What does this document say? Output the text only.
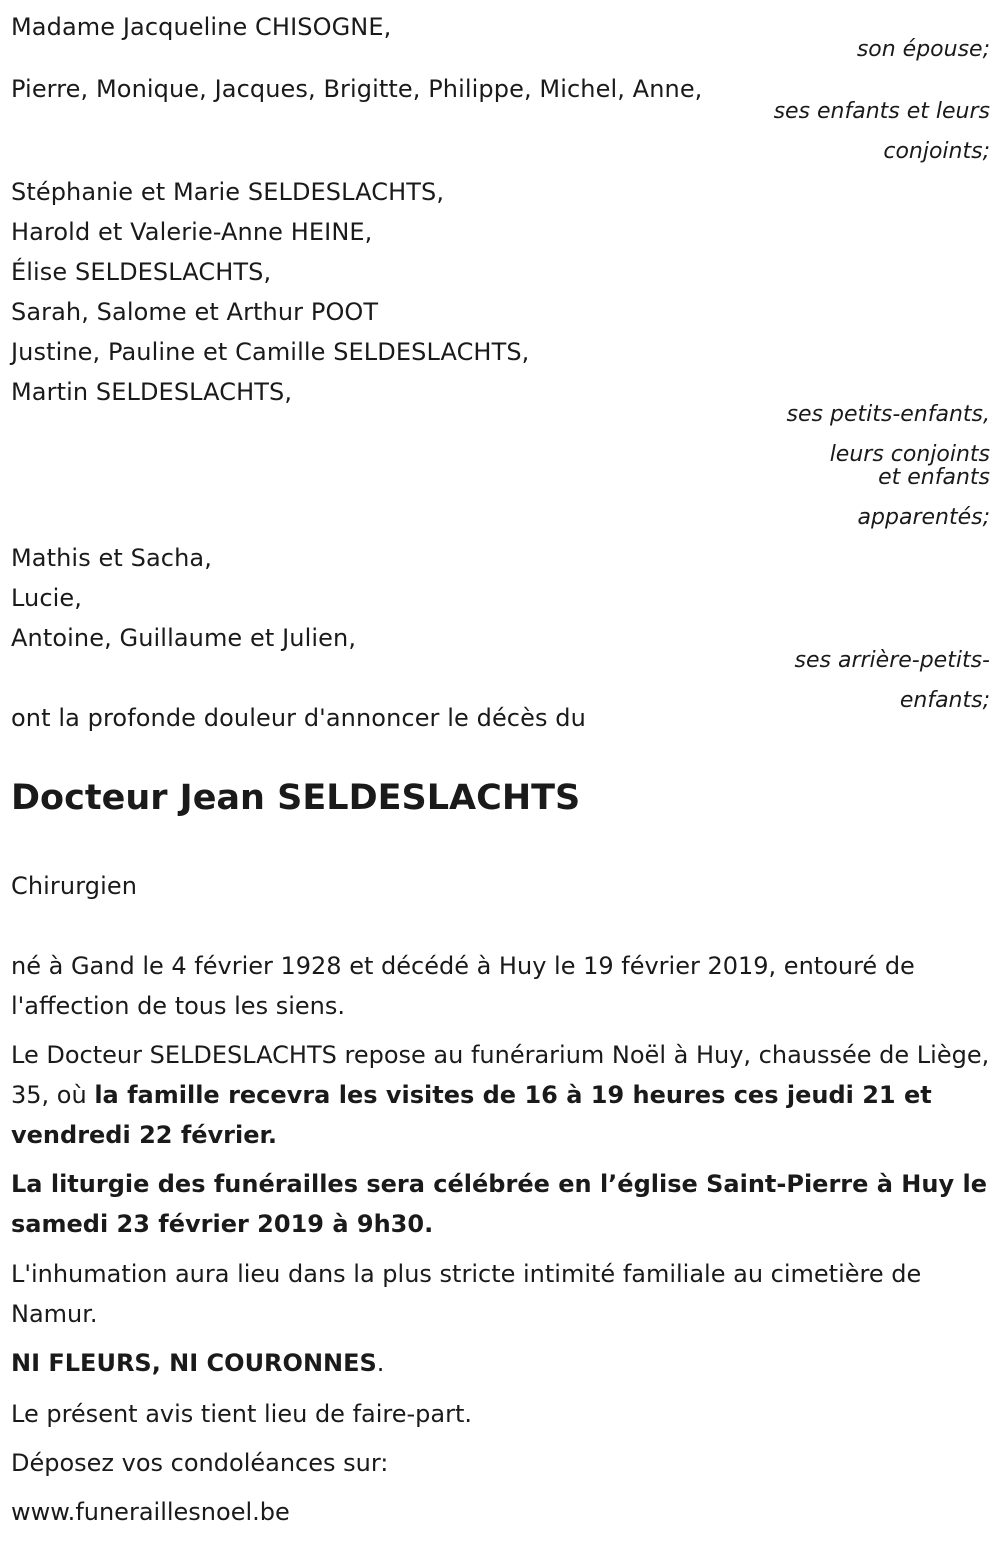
Madame Jacqueline CHISOGNE,
son épouse;
Pierre, Monique, Jacques, Brigitte, Philippe, Michel, Anne,
ses enfants et leurs
conjoints;
Stéphanie et Marie SELDESLACHTS,
Harold et Valerie-Anne HEINE,
Élise SELDESLACHTS,
Sarah, Salome et Arthur POOT
Justine, Pauline et Camille SELDESLACHTS,
Martin SELDESLACHTS,
ses petits-enfants,
leurs conjoints
et enfants
apparentés;
Mathis et Sacha,
Lucie,
Antoine, Guillaume et Julien,
ses arrière-petits-
enfants;
ont la profonde douleur d'annoncer le décès du
Docteur Jean SELDESLACHTS
Chirurgien
né à Gand le 4 février 1928 et décédé à Huy le 19 février 2019, entouré de l'affection de tous les siens.
Le Docteur SELDESLACHTS repose au funérarium Noël à Huy, chaussée de Liège, 35, où la famille recevra les visites de 16 à 19 heures ces jeudi 21 et vendredi 22 février.
La liturgie des funérailles sera célébrée en l’église Saint-Pierre à Huy le samedi 23 février 2019 à 9h30.
L'inhumation aura lieu dans la plus stricte intimité familiale au cimetière de Namur.
NI FLEURS, NI COURONNES.
Le présent avis tient lieu de faire-part.
Déposez vos condoléances sur:
www.funeraillesnoel.be
